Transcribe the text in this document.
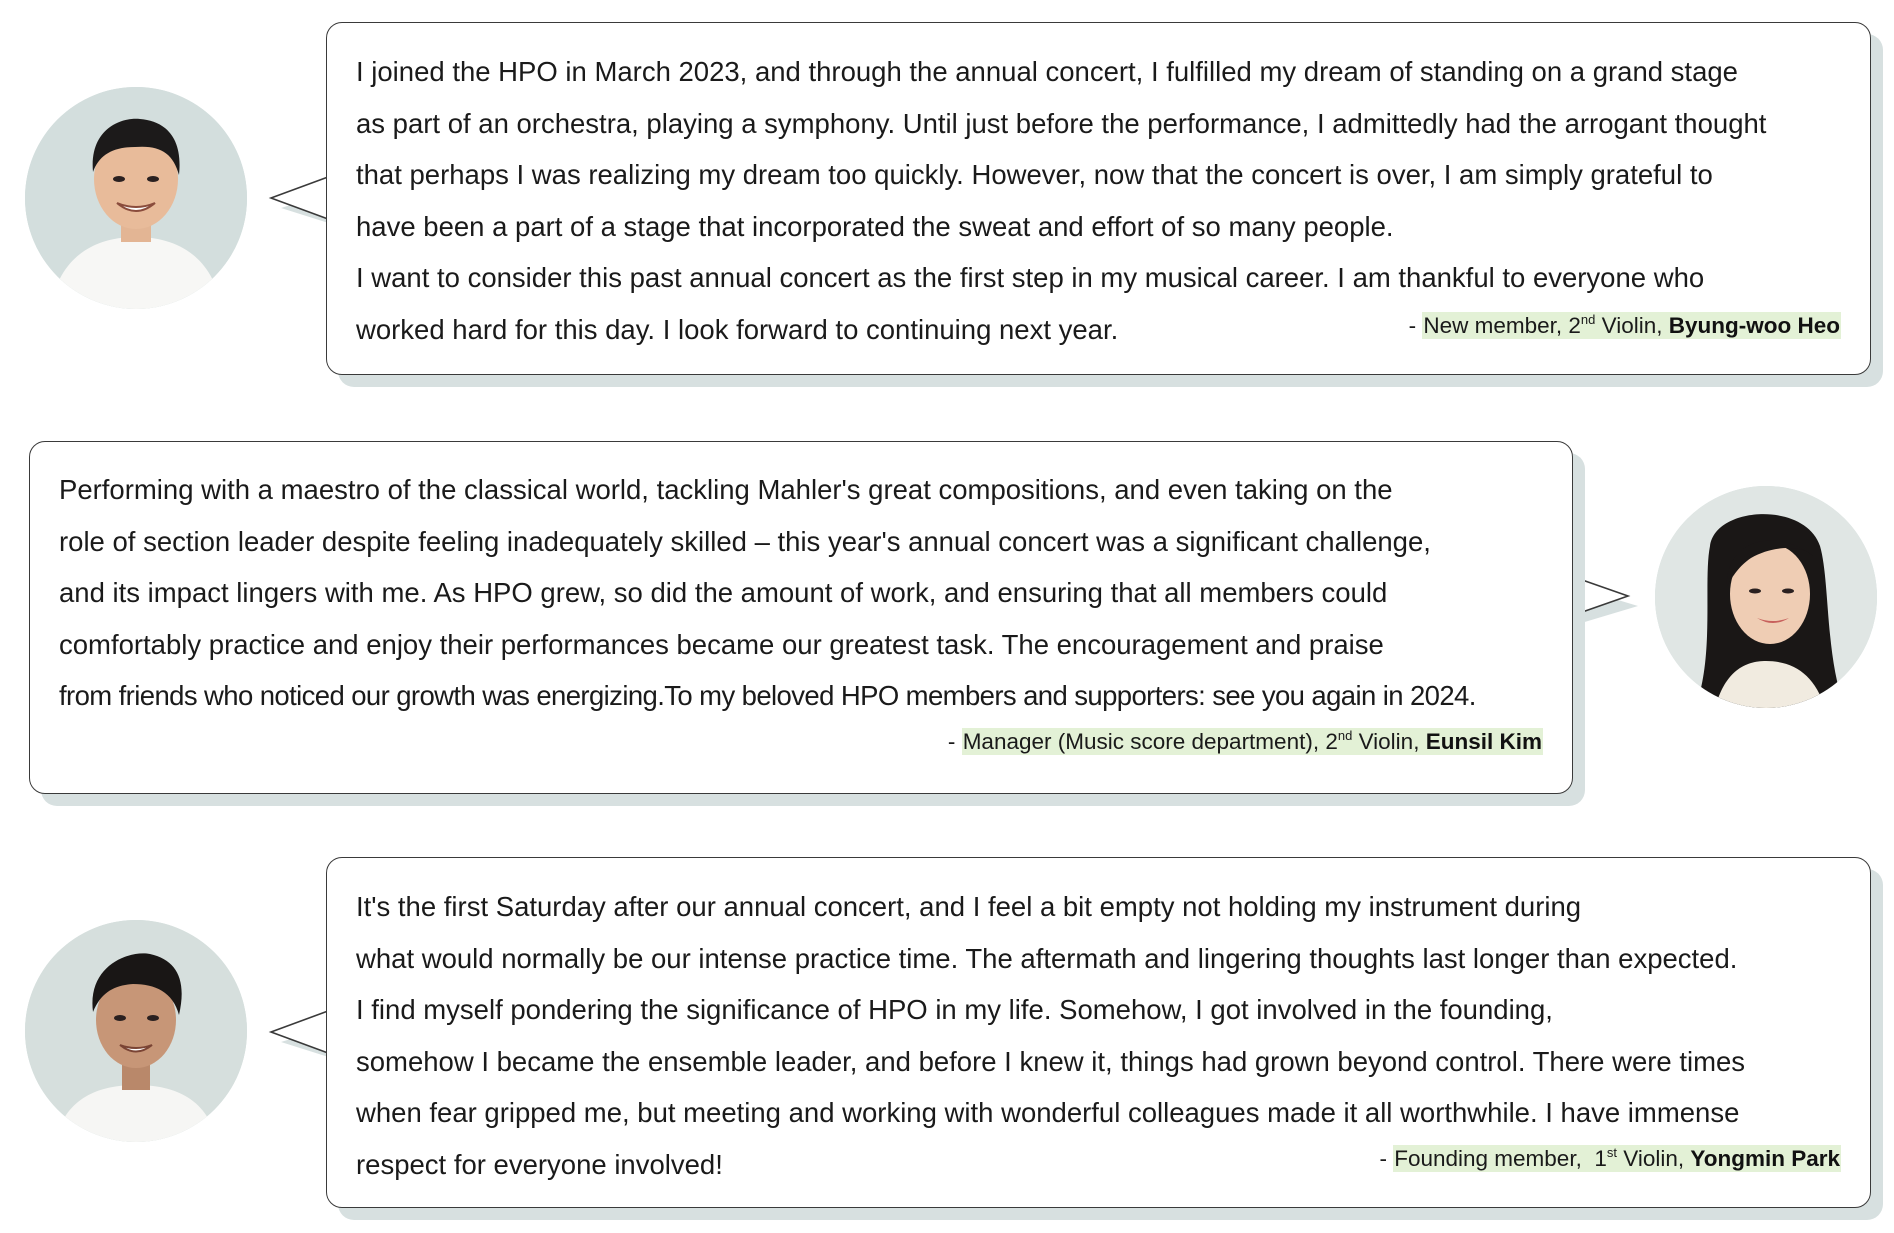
I joined the HPO in March 2023, and through the annual concert, I fulfilled my dream of standing on a grand stage

as part of an orchestra, playing a symphony. Until just before the performance, I admittedly had the arrogant thought

that perhaps I was realizing my dream too quickly. However, now that the concert is over, I am simply grateful to

have been a part of a stage that incorporated the sweat and effort of so many people.

I want to consider this past annual concert as the first step in my musical career. I am thankful to everyone who

worked hard for this day. I look forward to continuing next year.	- New member, 2nd Violin, Byung-woo Heo

Performing with a maestro of the classical world, tackling Mahler's great compositions, and even taking on the

role of section leader despite feeling inadequately skilled – this year's annual concert was a significant challenge,

and its impact lingers with me. As HPO grew, so did the amount of work, and ensuring that all members could

comfortably practice and enjoy their performances became our greatest task. The encouragement and praise

from friends who noticed our growth was energizing.To my beloved HPO members and supporters: see you again in 2024.

- Manager (Music score department), 2nd Violin, Eunsil Kim

It's the first Saturday after our annual concert, and I feel a bit empty not holding my instrument during

what would normally be our intense practice time. The aftermath and lingering thoughts last longer than expected.

I find myself pondering the significance of HPO in my life. Somehow, I got involved in the founding,

somehow I became the ensemble leader, and before I knew it, things had grown beyond control. There were times

when fear gripped me, but meeting and working with wonderful colleagues made it all worthwhile. I have immense

respect for everyone involved!	- Founding member,  1st Violin, Yongmin Park
